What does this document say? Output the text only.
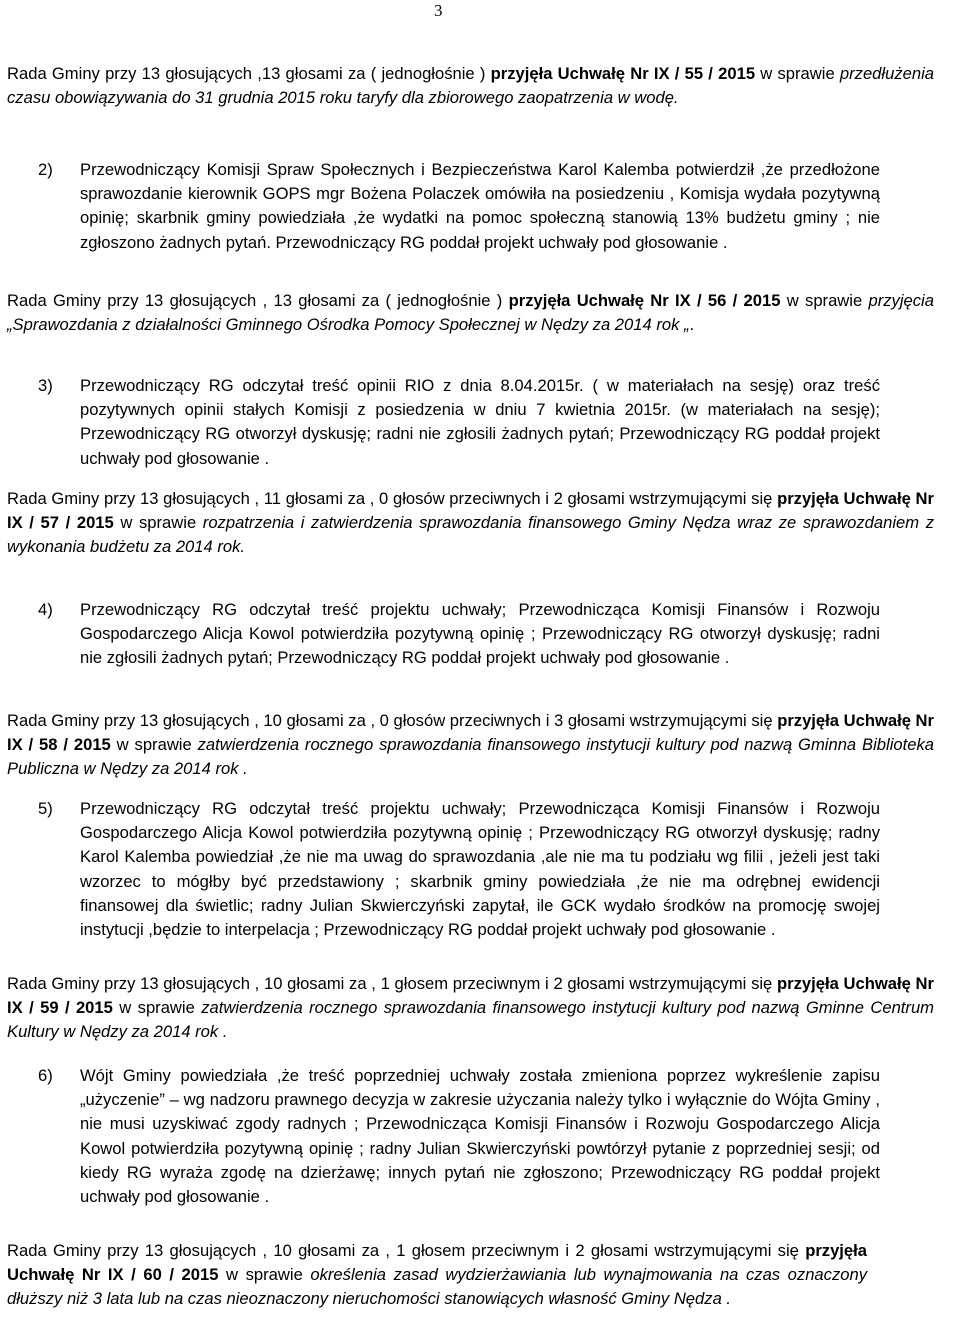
3

Rada Gminy przy 13 głosujących ,13 głosami za ( jednogłośnie ) przyjęła Uchwałę Nr IX / 55 / 2015 w sprawie przedłużenia czasu obowiązywania do 31 grudnia 2015 roku taryfy dla zbiorowego zaopatrzenia w wodę.

2) Przewodniczący Komisji Spraw Społecznych i Bezpieczeństwa Karol Kalemba potwierdził ,że przedłożone sprawozdanie kierownik GOPS mgr Bożena Polaczek omówiła na posiedzeniu , Komisja wydała pozytywną opinię; skarbnik gminy powiedziała ,że wydatki na pomoc społeczną stanowią 13% budżetu gminy ; nie zgłoszono żadnych pytań. Przewodniczący RG poddał projekt uchwały pod głosowanie .

Rada Gminy przy 13 głosujących , 13 głosami za ( jednogłośnie ) przyjęła Uchwałę Nr IX / 56 / 2015 w sprawie przyjęcia „Sprawozdania z działalności Gminnego Ośrodka Pomocy Społecznej w Nędzy za 2014 rok „.

3) Przewodniczący RG odczytał treść opinii RIO z dnia 8.04.2015r. ( w materiałach na sesję) oraz treść pozytywnych opinii stałych Komisji z posiedzenia w dniu 7 kwietnia 2015r. (w materiałach na sesję); Przewodniczący RG otworzył dyskusję; radni nie zgłosili żadnych pytań; Przewodniczący RG poddał projekt uchwały pod głosowanie .

Rada Gminy przy 13 głosujących , 11 głosami za , 0 głosów przeciwnych i 2 głosami wstrzymującymi się przyjęła Uchwałę Nr IX / 57 / 2015 w sprawie rozpatrzenia i zatwierdzenia sprawozdania finansowego Gminy Nędza wraz ze sprawozdaniem z wykonania budżetu za 2014 rok.

4) Przewodniczący RG odczytał treść projektu uchwały; Przewodnicząca Komisji Finansów i Rozwoju Gospodarczego Alicja Kowol potwierdziła pozytywną opinię ; Przewodniczący RG otworzył dyskusję; radni nie zgłosili żadnych pytań; Przewodniczący RG poddał projekt uchwały pod głosowanie .

Rada Gminy przy 13 głosujących , 10 głosami za , 0 głosów przeciwnych i 3 głosami wstrzymującymi się przyjęła Uchwałę Nr IX / 58 / 2015 w sprawie zatwierdzenia rocznego sprawozdania finansowego instytucji kultury pod nazwą Gminna Biblioteka Publiczna w Nędzy za 2014 rok .

5) Przewodniczący RG odczytał treść projektu uchwały; Przewodnicząca Komisji Finansów i Rozwoju Gospodarczego Alicja Kowol potwierdziła pozytywną opinię ; Przewodniczący RG otworzył dyskusję; radny Karol Kalemba powiedział ,że nie ma uwag do sprawozdania ,ale nie ma tu podziału wg filii , jeżeli jest taki wzorzec to mógłby być przedstawiony ; skarbnik gminy powiedziała ,że nie ma odrębnej ewidencji finansowej dla świetlic; radny Julian Skwierczyński zapytał, ile GCK wydało środków na promocję swojej instytucji ,będzie to interpelacja ; Przewodniczący RG poddał projekt uchwały pod głosowanie .

Rada Gminy przy 13 głosujących , 10 głosami za , 1 głosem przeciwnym i 2 głosami wstrzymującymi się przyjęła Uchwałę Nr IX / 59 / 2015 w sprawie zatwierdzenia rocznego sprawozdania finansowego instytucji kultury pod nazwą Gminne Centrum Kultury w Nędzy za 2014 rok .

6) Wójt Gminy powiedziała ,że treść poprzedniej uchwały została zmieniona poprzez wykreślenie zapisu „użyczenie” – wg nadzoru prawnego decyzja w zakresie użyczania należy tylko i wyłącznie do Wójta Gminy , nie musi uzyskiwać zgody radnych ; Przewodnicząca Komisji Finansów i Rozwoju Gospodarczego Alicja Kowol potwierdziła pozytywną opinię ; radny Julian Skwierczyński powtórzył pytanie z poprzedniej sesji; od kiedy RG wyraża zgodę na dzierżawę; innych pytań nie zgłoszono; Przewodniczący RG poddał projekt uchwały pod głosowanie .

Rada Gminy przy 13 głosujących , 10 głosami za , 1 głosem przeciwnym i 2 głosami wstrzymującymi się przyjęła Uchwałę Nr IX / 60 / 2015 w sprawie określenia zasad wydzierżawiania lub wynajmowania na czas oznaczony dłuższy niż 3 lata lub na czas nieoznaczony nieruchomości stanowiących własność Gminy Nędza .
